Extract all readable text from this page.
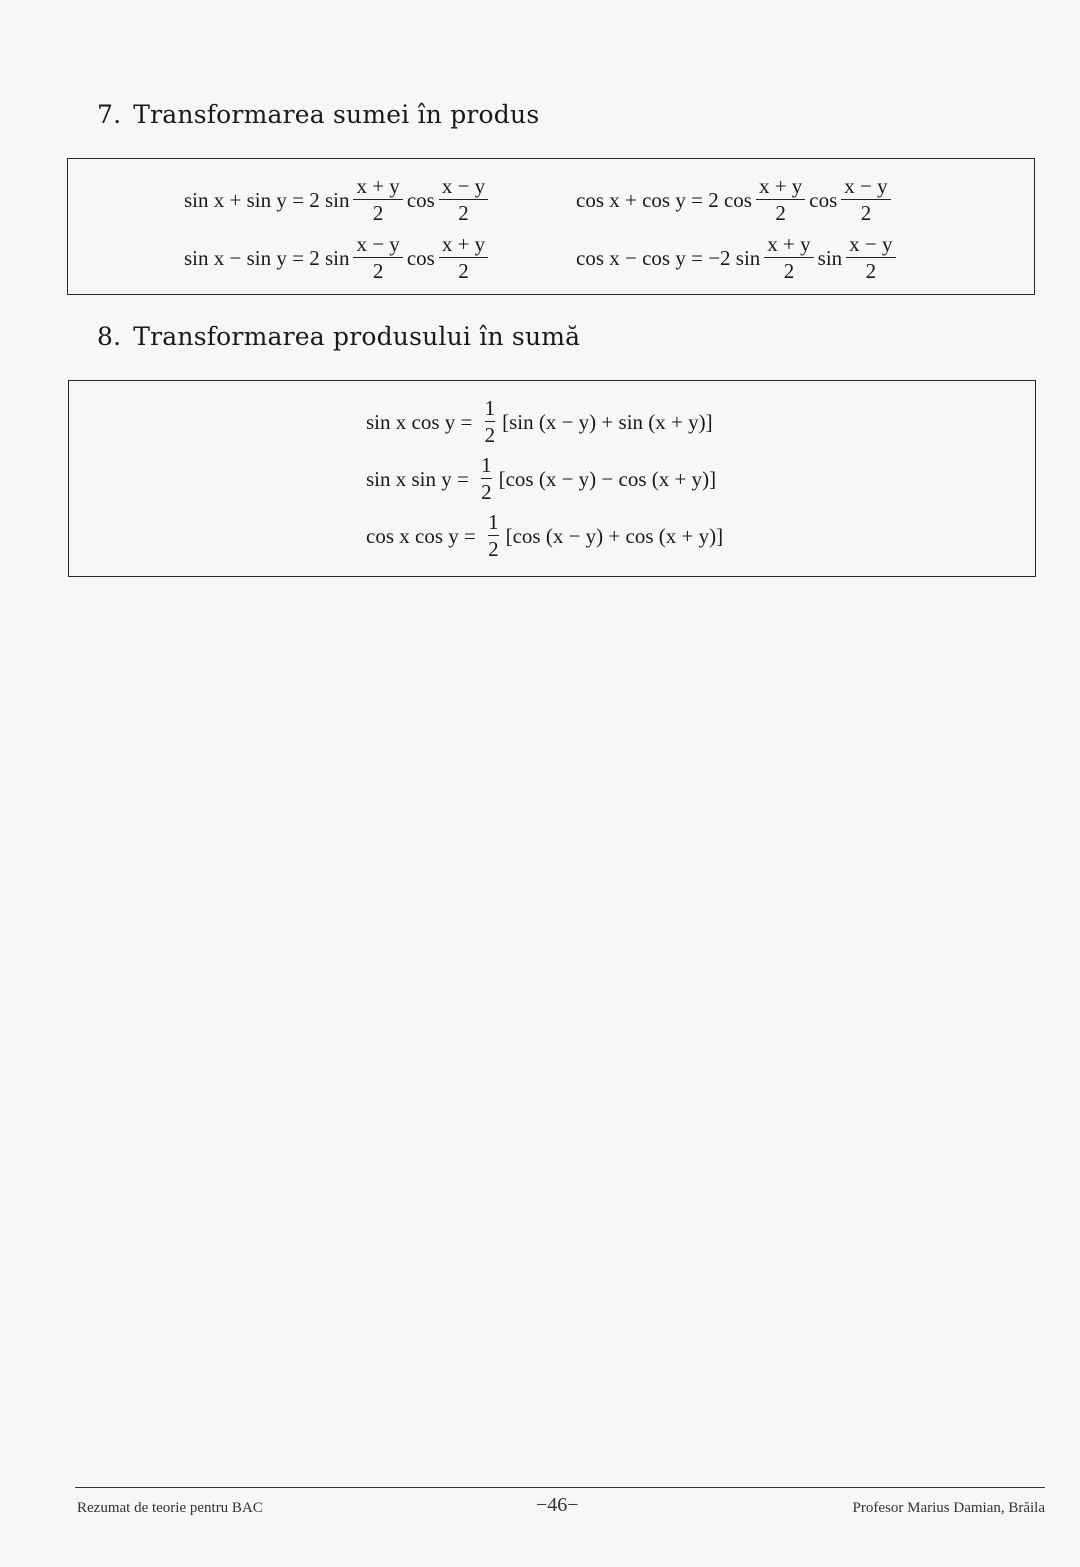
7. Transformarea sumei în produs
sin x + sin y = 2 $\sin \frac{x + y}{2}$ $\cos \frac{x - y}{2}$
sin x − sin y = 2 $\sin \frac{x - y}{2}$ $\cos \frac{x + y}{2}$
cos x + cos y = 2 $\cos \frac{x + y}{2}$ $\cos \frac{x - y}{2}$
cos x − cos y = −2 $\sin \frac{x + y}{2}$ $\sin \frac{x - y}{2}$
8. Transformarea produsului în sumă
sin x $\cos y = \frac{1}{2} [\sin$ (x − y) + sin (x + y)]
sin x $\sin y = \frac{1}{2} [\cos$ (x − y) − cos (x + y)]
cos x $\cos y = \frac{1}{2} [\cos$ (x − y) + cos (x + y)]
Rezumat de teorie pentru BAC	−46−	Profesor Marius Damian, Brăila
